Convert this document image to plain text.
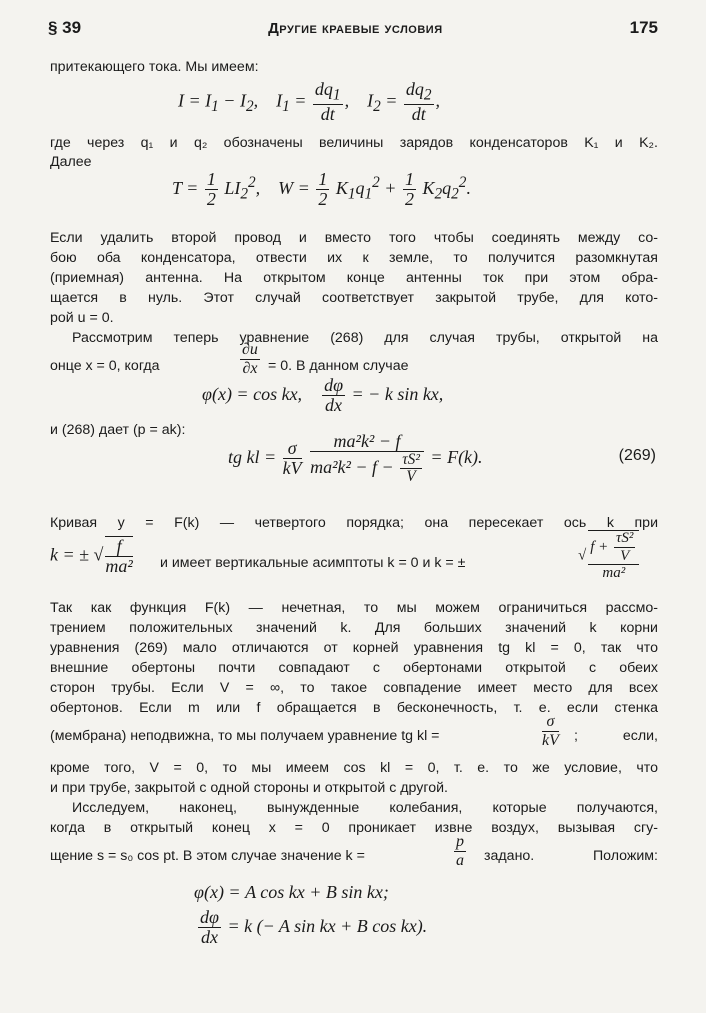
§ 39	Другие краевые условия	175
притекающего тока. Мы имеем:
$I = I_1 - I_2$,    $I_1 = \frac{dq_1}{dt}$ ,    $I_2 = \frac{dq_2}{dt}$ ,
где через q₁ и q₂ обозначены величины зарядов конденсаторов K₁ и K₂.
Далее
$T = \frac{1}{2} LI_2^2$,    $W = \frac{1}{2} K_1q_1^2 + \frac{1}{2} K_2q_2^2$.
Если удалить второй провод и вместо того чтобы соединять между со-
бою оба конденсатора, отвести их к земле, то получится разомкнутая
(приемная) антенна. На открытом конце антенны ток при этом обра-
щается в нуль. Этот случай соответствует закрытой трубе, для кото-
рой u = 0.
Рассмотрим теперь уравнение (268) для случая трубы, открытой на
онце x = 0, когда	$\frac{\partial u}{\partial x} = 0$. В данном случае
φ(x) = cos kx, $\frac{d\varphi}{dx}$ = − k sin kx,
и (268) дает (p = ak):
tg kl = $\frac{\sigma}{kV}$
$\frac{\text{ma²k² − f}}{ma^2k^2 - f - \frac{\text{τS²}}{V}} = F(k)$.	(269)
Кривая y = F(k) — четвертого порядка; она пересекает ось k при
k = ± √ $\frac{f}{\text{ma²}}$ и имеет вертикальные асимптоты k = 0 и k = ±	√ $\frac{f + \frac{\text{τS²}}{V}}{\text{ma²}}$
Так как функция F(k) — нечетная, то мы можем ограничиться рассмо-
трением положительных значений k. Для больших значений k корни
уравнения (269) мало отличаются от корней уравнения tg kl = 0, так что
внешние обертоны почти совпадают с обертонами открытой с обеих
сторон трубы. Если V = ∞, то такое совпадение имеет место для всех
обертонов. Если m или f обращается в бесконечность, т. е. если стенка
(мембрана) неподвижна, то мы получаем уравнение tg kl =	$\frac{\sigma}{kV}$ ; если,
кроме того, V = 0, то мы имеем cos kl = 0, т. е. то же условие, что
и при трубе, закрытой с одной стороны и открытой с другой.
Исследуем, наконец, вынужденные колебания, которые получаются,
когда в открытый конец x = 0 проникает извне воздух, вызывая сгу-
щение s = s₀ cos pt. В этом случае значение k =	$\frac{p}{a}$ задано. Положим:
φ(x) = A cos kx + B sin kx;
$\frac{d\varphi}{dx} = k$ (− A sin kx + B cos kx).
